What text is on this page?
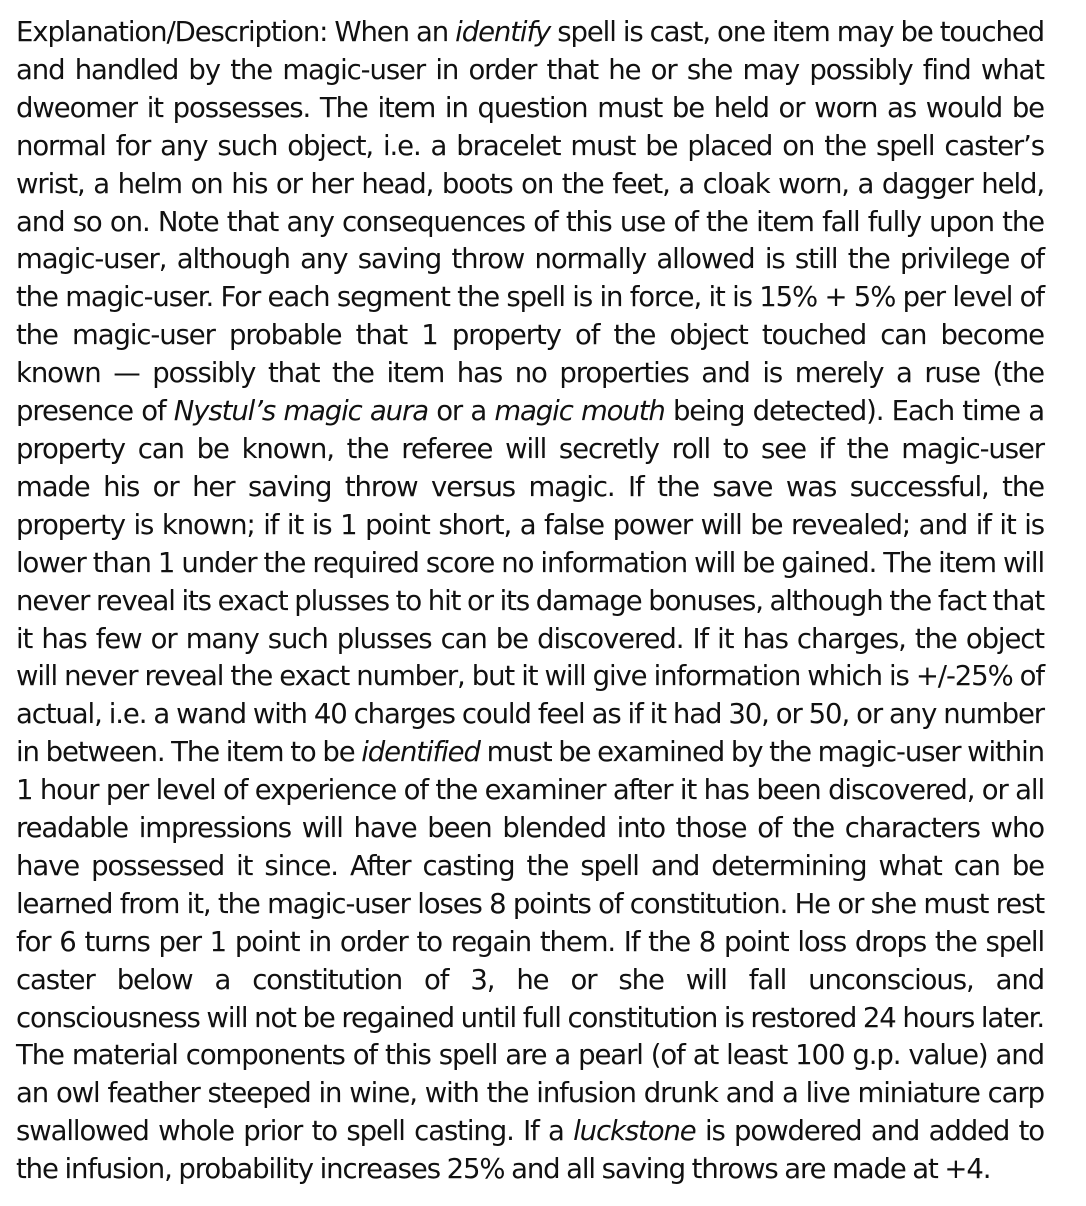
Explanation/Description: When an identify spell is cast, one item may be touched and handled by the magic-user in order that he or she may possibly find what dweomer it possesses. The item in question must be held or worn as would be normal for any such object, i.e. a bracelet must be placed on the spell caster’s wrist, a helm on his or her head, boots on the feet, a cloak worn, a dagger held, and so on. Note that any consequences of this use of the item fall fully upon the magic-user, although any saving throw normally allowed is still the privilege of the magic-user. For each segment the spell is in force, it is 15% + 5% per level of the magic-user probable that 1 property of the object touched can become known — possibly that the item has no properties and is merely a ruse (the presence of Nystul’s magic aura or a magic mouth being detected). Each time a property can be known, the referee will secretly roll to see if the magic-user made his or her saving throw versus magic. If the save was successful, the property is known; if it is 1 point short, a false power will be revealed; and if it is lower than 1 under the required score no information will be gained. The item will never reveal its exact plusses to hit or its damage bonuses, although the fact that it has few or many such plusses can be discovered. If it has charges, the object will never reveal the exact number, but it will give information which is +/-25% of actual, i.e. a wand with 40 charges could feel as if it had 30, or 50, or any number in between. The item to be identified must be examined by the magic-user within 1 hour per level of experience of the examiner after it has been discovered, or all readable impressions will have been blended into those of the characters who have possessed it since. After casting the spell and determining what can be learned from it, the magic-user loses 8 points of constitution. He or she must rest for 6 turns per 1 point in order to regain them. If the 8 point loss drops the spell caster below a constitution of 3, he or she will fall unconscious, and consciousness will not be regained until full constitution is restored 24 hours later. The material components of this spell are a pearl (of at least 100 g.p. value) and an owl feather steeped in wine, with the infusion drunk and a live miniature carp swallowed whole prior to spell casting. If a luckstone is powdered and added to the infusion, probability increases 25% and all saving throws are made at +4.
